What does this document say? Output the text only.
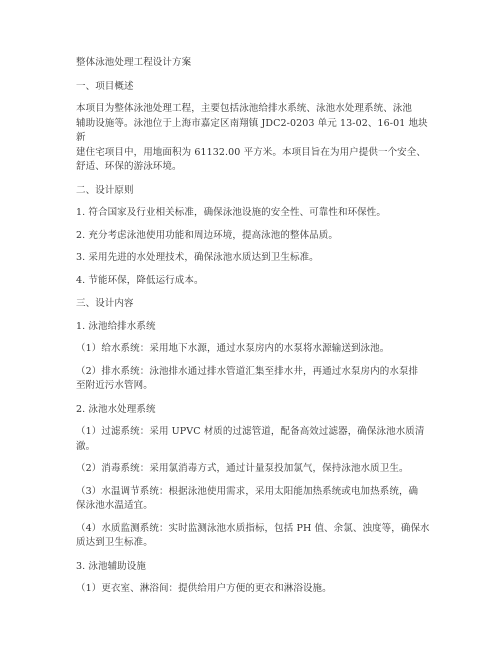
整体泳池处理工程设计方案

一、项目概述

本项目为整体泳池处理工程，主要包括泳池给排水系统、泳池水处理系统、泳池

辅助设施等。泳池位于上海市嘉定区南翔镇 JDC2-0203 单元 13-02、16-01 地块新

建住宅项目中，用地面积为 61132.00 平方米。本项目旨在为用户提供一个安全、

舒适、环保的游泳环境。

二、设计原则

1. 符合国家及行业相关标准，确保泳池设施的安全性、可靠性和环保性。

2. 充分考虑泳池使用功能和周边环境，提高泳池的整体品质。

3. 采用先进的水处理技术，确保泳池水质达到卫生标准。

4. 节能环保，降低运行成本。

三、设计内容

1. 泳池给排水系统

（1）给水系统：采用地下水源，通过水泵房内的水泵将水源输送到泳池。

（2）排水系统：泳池排水通过排水管道汇集至排水井，再通过水泵房内的水泵排

至附近污水管网。

2. 泳池水处理系统

（1）过滤系统：采用 UPVC 材质的过滤管道，配备高效过滤器，确保泳池水质清澈。

（2）消毒系统：采用氯消毒方式，通过计量泵投加氯气，保持泳池水质卫生。

（3）水温调节系统：根据泳池使用需求，采用太阳能加热系统或电加热系统，确

保泳池水温适宜。

（4）水质监测系统：实时监测泳池水质指标，包括 PH 值、余氯、浊度等，确保水

质达到卫生标准。

3. 泳池辅助设施

（1）更衣室、淋浴间：提供给用户方便的更衣和淋浴设施。
